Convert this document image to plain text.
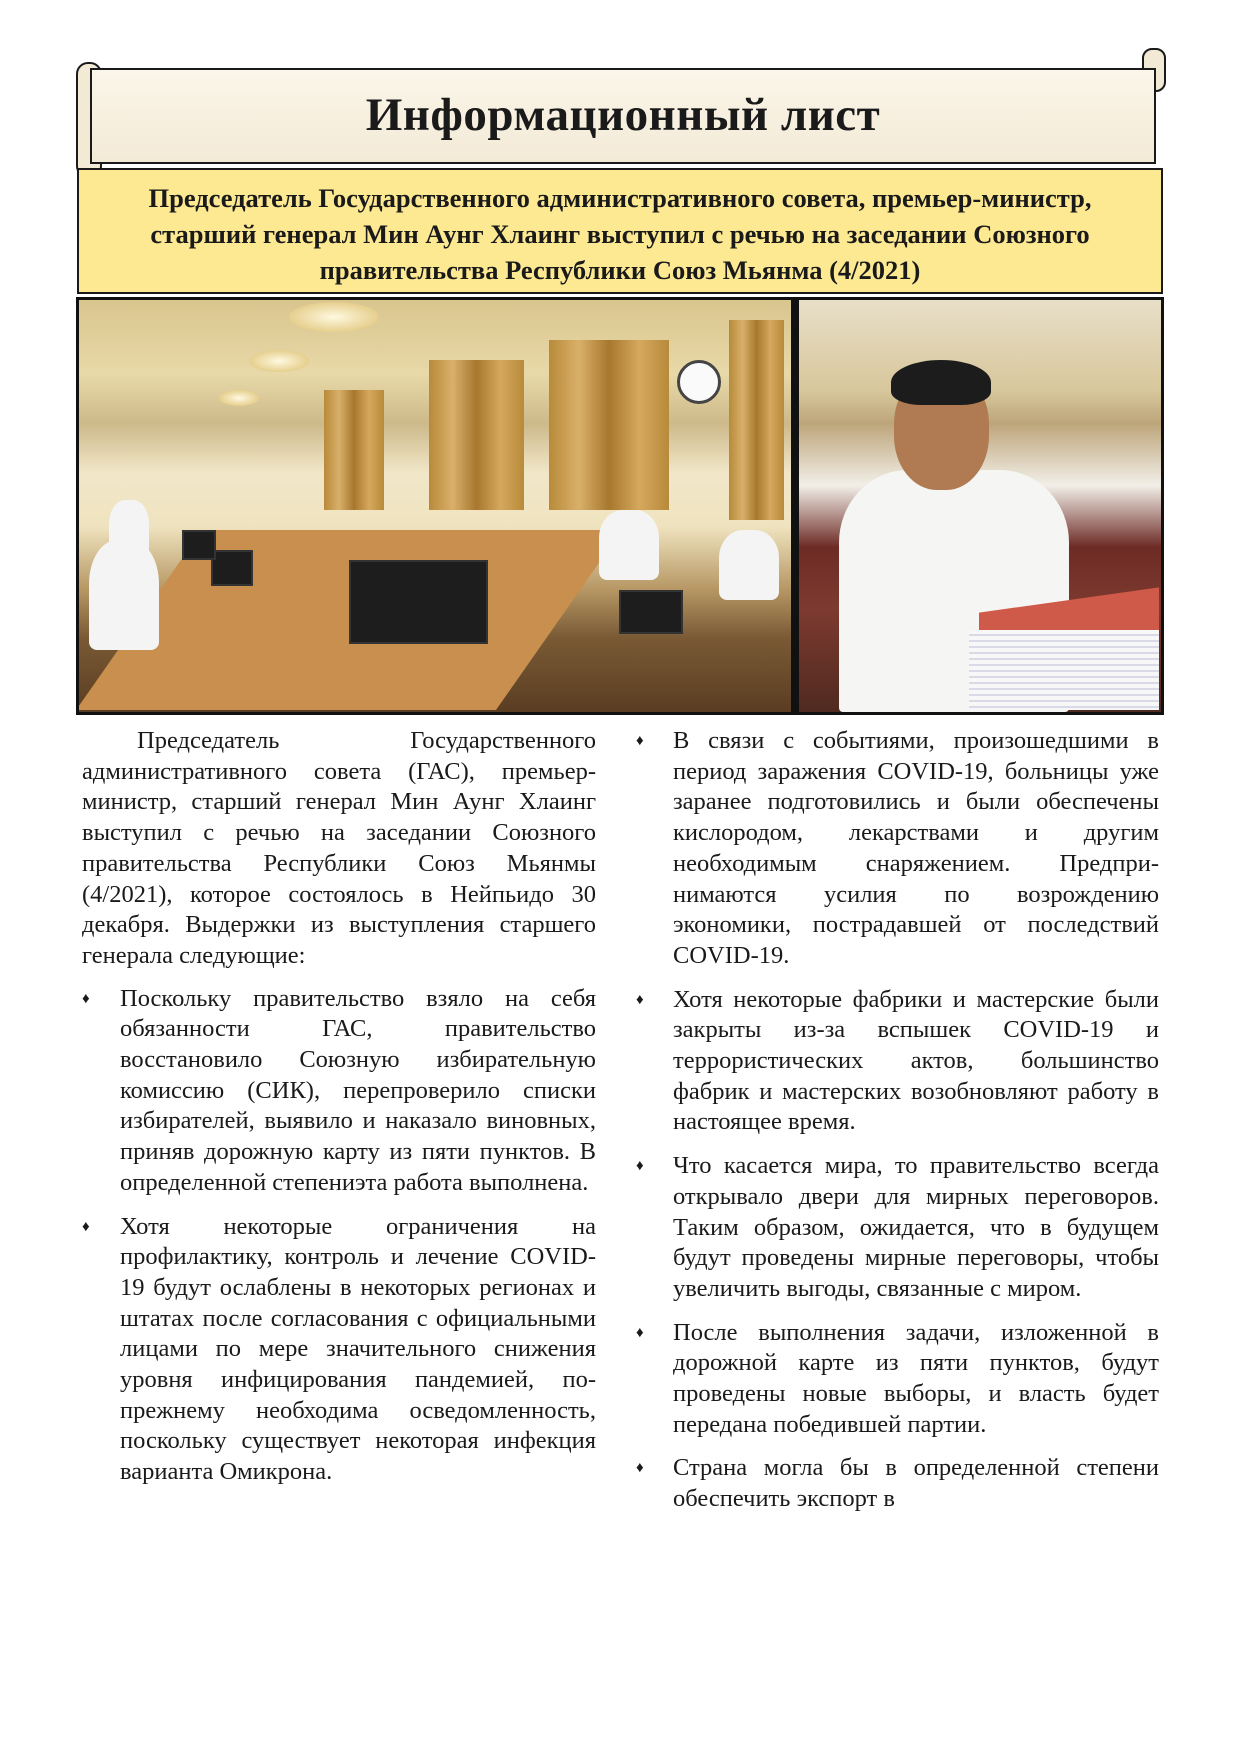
Информационный лист
Председатель Государственного административного совета, премьер-министр, старший генерал Мин Аунг Хлаинг выступил с речью на заседании Союзного правительства Республики Союз Мьянма (4/2021)

Председатель Государственного административного совета (ГАС), премьер-министр, старший генерал Мин Аунг Хлаинг выступил с речью на заседании Союзного правительства Республики Союз Мьянмы (4/2021), которое состоялось в Нейпьидо 30 декабря. Выдержки из выступления старшего генерала следующие:

♦ Поскольку правительство взяло на себя обязанности ГАС, правительство восстановило Союзную избирательную комиссию (СИК), перепроверило списки избирателей, выявило и наказало виновных, приняв дорожную карту из пяти пунктов. В определенной степениэта работа выполнена.
♦ Хотя некоторые ограничения на профилактику, контроль и лечение COVID-19 будут ослаблены в некоторых регионах и штатах после согласования с официальными лицами по мере значительного снижения уровня инфицирования пандемией, по-прежнему необходима осведомленность, поскольку существует некоторая инфекция варианта Омикрона.
♦ В связи с событиями, произошедшими в период заражения COVID-19, больницы уже заранее подготовились и были обеспечены кислородом, лекарствами и другим необходимым снаряжением. Предпри-нимаются усилия по возрождению экономики, пострадавшей от последствий COVID-19.
♦ Хотя некоторые фабрики и мастерские были закрыты из-за вспышек COVID-19 и террористических актов, большинство фабрик и мастерских возобновляют работу в настоящее время.
♦ Что касается мира, то правительство всегда открывало двери для мирных переговоров. Таким образом, ожидается, что в будущем будут проведены мирные переговоры, чтобы увеличить выгоды, связанные с миром.
♦ После выполнения задачи, изложенной в дорожной карте из пяти пунктов, будут проведены новые выборы, и власть будет передана победившей партии.
♦ Страна могла бы в определенной степени обеспечить экспорт в
